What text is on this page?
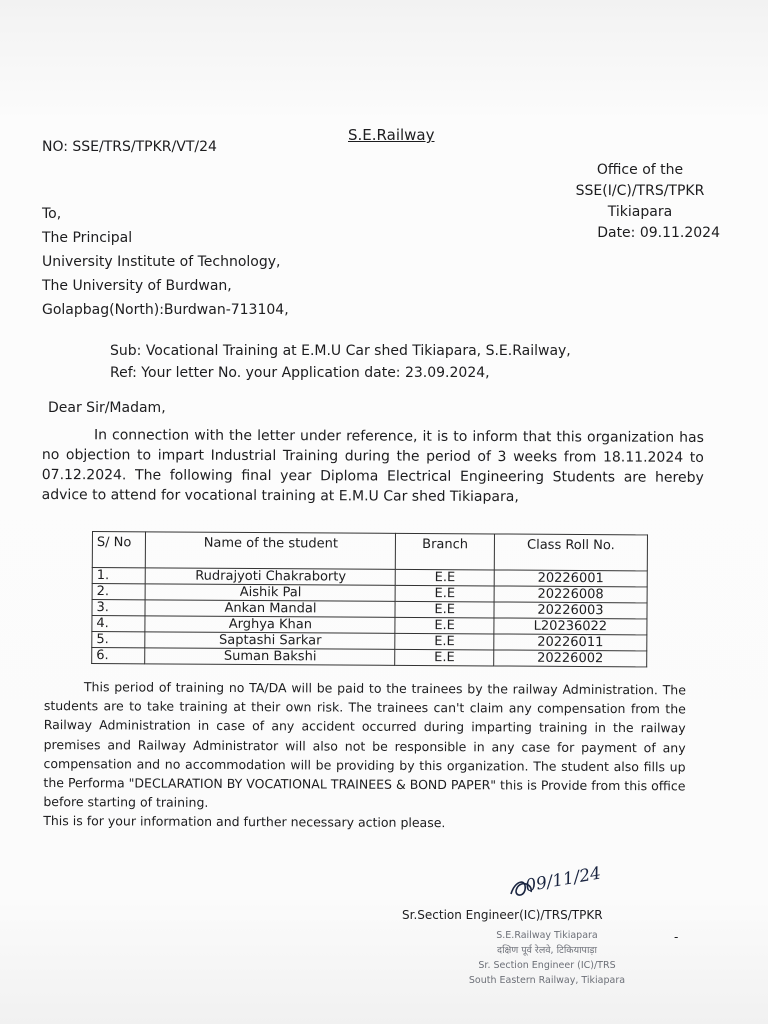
S.E.Railway
NO: SSE/TRS/TPKR/VT/24
Office of the
SSE(I/C)/TRS/TPKR
Tikiapara
Date: 09.11.2024
To,
The Principal
University Institute of Technology,
The University of Burdwan,
Golapbag(North):Burdwan-713104,
Sub: Vocational Training at E.M.U Car shed Tikiapara, S.E.Railway,
Ref: Your letter No. your Application date: 23.09.2024,
Dear Sir/Madam,
In connection with the letter under reference, it is to inform that this organization has no objection to impart Industrial Training during the period of 3 weeks from 18.11.2024 to 07.12.2024. The following final year Diploma Electrical Engineering Students are hereby advice to attend for vocational training at E.M.U Car shed Tikiapara,
S/ No	Name of the student	Branch	Class Roll No.
1.	Rudrajyoti Chakraborty	E.E	20226001
2.	Aishik Pal	E.E	20226008
3.	Ankan Mandal	E.E	20226003
4.	Arghya Khan	E.E	L20236022
5.	Saptashi Sarkar	E.E	20226011
6.	Suman Bakshi	E.E	20226002
This period of training no TA/DA will be paid to the trainees by the railway Administration. The students are to take training at their own risk. The trainees can't claim any compensation from the Railway Administration in case of any accident occurred during imparting training in the railway premises and Railway Administrator will also not be responsible in any case for payment of any compensation and no accommodation will be providing by this organization. The student also fills up the Performa "DECLARATION BY VOCATIONAL TRAINEES & BOND PAPER" this is Provide from this office before starting of training.
This is for your information and further necessary action please.
09/11/24
Sr.Section Engineer(IC)/TRS/TPKR
-
S.E.Railway Tikiapara
दक्षिण पूर्व रेलवे, टिकियापाड़ा
Sr. Section Engineer (IC)/TRS
South Eastern Railway, Tikiapara
